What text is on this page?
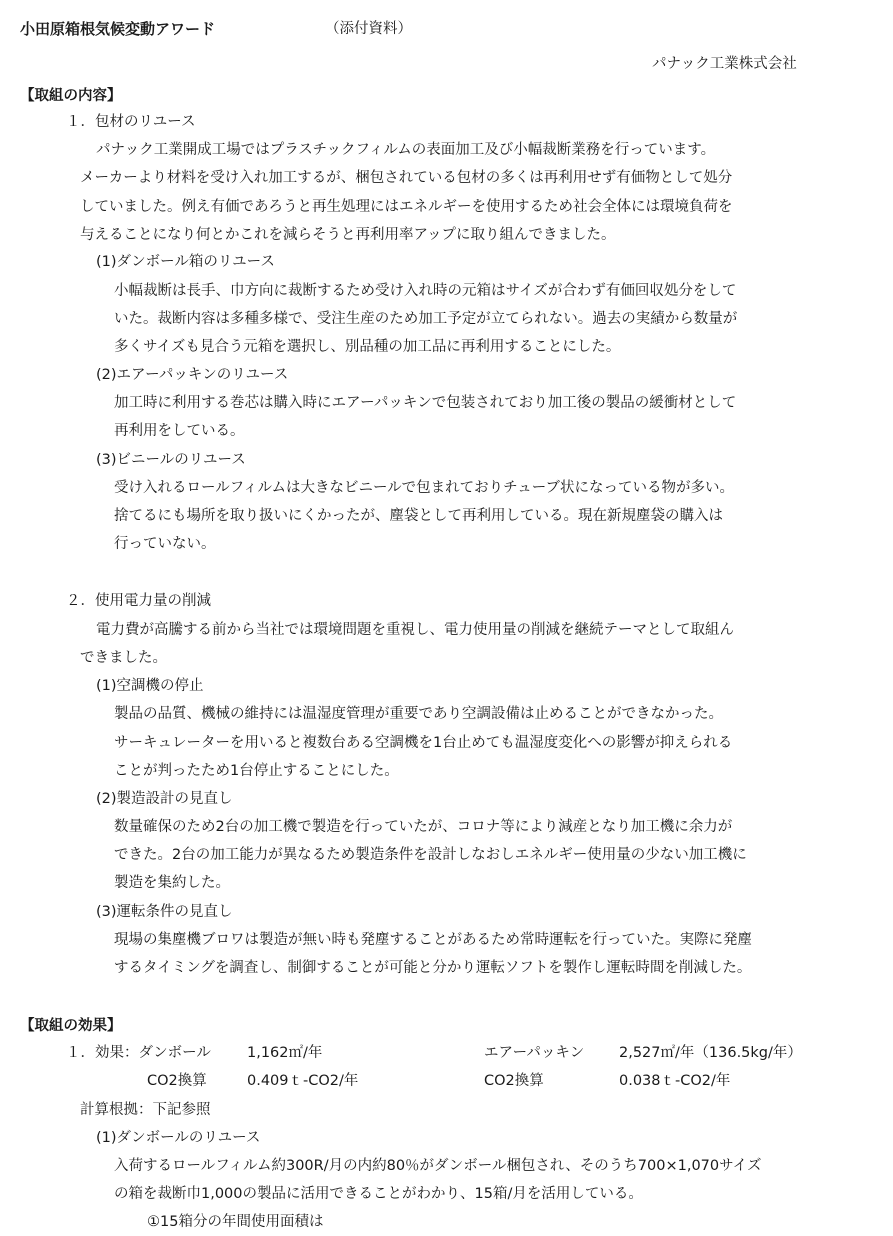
小田原箱根気候変動アワード	（添付資料）
パナック工業株式会社
【取組の内容】
１．包材のリユース
パナック工業開成工場ではプラスチックフィルムの表面加工及び小幅裁断業務を行っています。
メーカーより材料を受け入れ加工するが、梱包されている包材の多くは再利用せず有価物として処分
していました。例え有価であろうと再生処理にはエネルギーを使用するため社会全体には環境負荷を
与えることになり何とかこれを減らそうと再利用率アップに取り組んできました。
(1)ダンボール箱のリユース
小幅裁断は長手、巾方向に裁断するため受け入れ時の元箱はサイズが合わず有価回収処分をして
いた。裁断内容は多種多様で、受注生産のため加工予定が立てられない。過去の実績から数量が
多くサイズも見合う元箱を選択し、別品種の加工品に再利用することにした。
(2)エアーパッキンのリユース
加工時に利用する巻芯は購入時にエアーパッキンで包装されており加工後の製品の緩衝材として
再利用をしている。
(3)ビニールのリユース
受け入れるロールフィルムは大きなビニールで包まれておりチューブ状になっている物が多い。
捨てるにも場所を取り扱いにくかったが、塵袋として再利用している。現在新規塵袋の購入は
行っていない。
２．使用電力量の削減
電力費が高騰する前から当社では環境問題を重視し、電力使用量の削減を継続テーマとして取組ん
できました。
(1)空調機の停止
製品の品質、機械の維持には温湿度管理が重要であり空調設備は止めることができなかった。
サーキュレーターを用いると複数台ある空調機を1台止めても温湿度変化への影響が抑えられる
ことが判ったため1台停止することにした。
(2)製造設計の見直し
数量確保のため2台の加工機で製造を行っていたが、コロナ等により減産となり加工機に余力が
できた。2台の加工能力が異なるため製造条件を設計しなおしエネルギー使用量の少ない加工機に
製造を集約した。
(3)運転条件の見直し
現場の集塵機ブロワは製造が無い時も発塵することがあるため常時運転を行っていた。実際に発塵
するタイミングを調査し、制御することが可能と分かり運転ソフトを製作し運転時間を削減した。
【取組の効果】
１．効果：ダンボール 1,162㎡/年	エアーパッキン 2,527㎡/年（136.5kg/年）
CO2換算	0.409ｔ-CO2/年	CO2換算	0.038ｔ-CO2/年
計算根拠：下記参照
(1)ダンボールのリユース
入荷するロールフィルム約300R/月の内約80％がダンボール梱包され、そのうち700×1,070サイズ
の箱を裁断巾1,000の製品に活用できることがわかり、15箱/月を活用している。
①15箱分の年間使用面積は
